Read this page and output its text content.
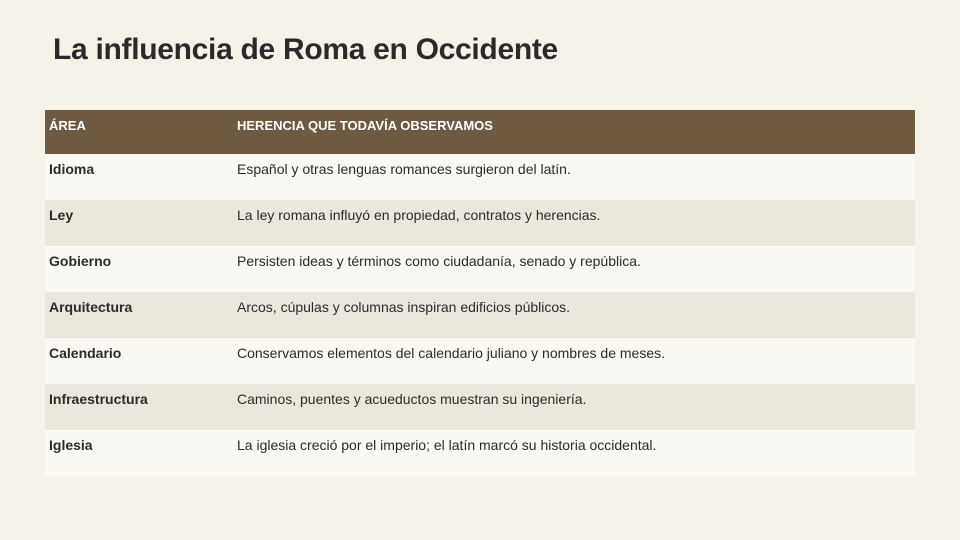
La influencia de Roma en Occidente
ÁREA	HERENCIA QUE TODAVÍA OBSERVAMOS
Idioma	Español y otras lenguas romances surgieron del latín.
Ley	La ley romana influyó en propiedad, contratos y herencias.
Gobierno	Persisten ideas y términos como ciudadanía, senado y república.
Arquitectura	Arcos, cúpulas y columnas inspiran edificios públicos.
Calendario	Conservamos elementos del calendario juliano y nombres de meses.
Infraestructura	Caminos, puentes y acueductos muestran su ingeniería.
Iglesia	La iglesia creció por el imperio; el latín marcó su historia occidental.
